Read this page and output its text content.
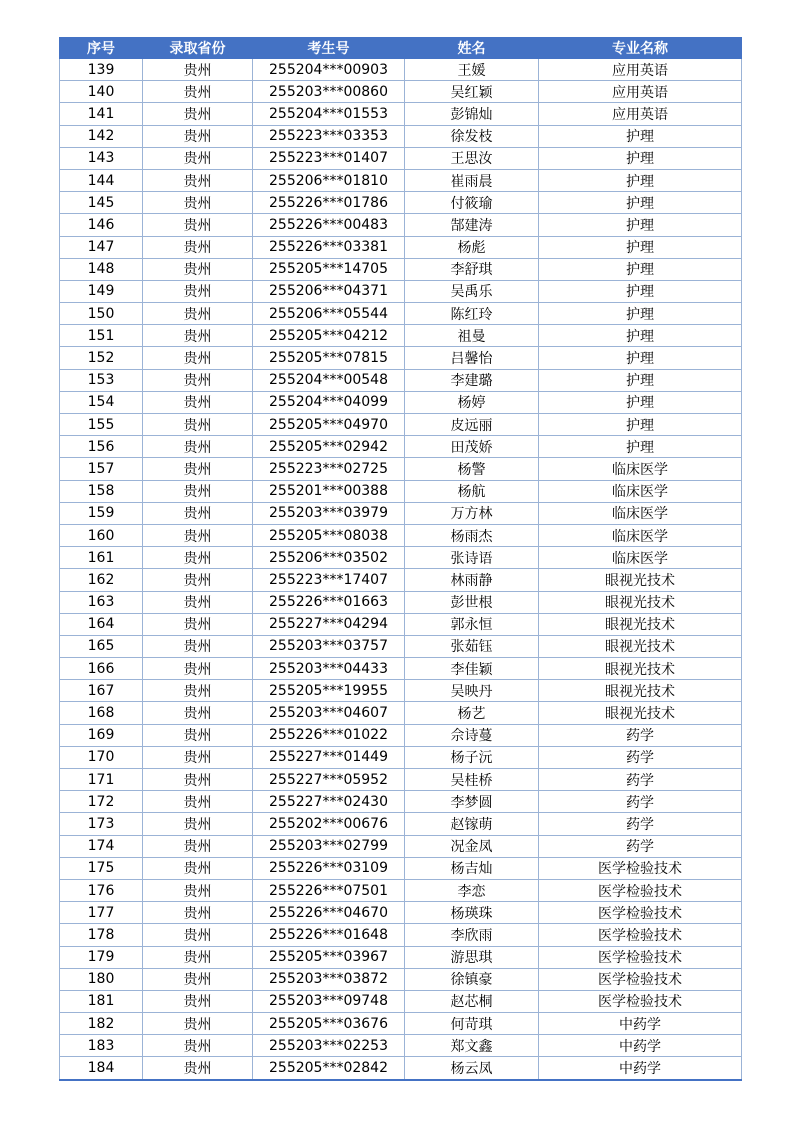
序号	录取省份	考生号	姓名	专业名称
139	贵州	255204***00903	王媛	应用英语
140	贵州	255203***00860	吴红颖	应用英语
141	贵州	255204***01553	彭锦灿	应用英语
142	贵州	255223***03353	徐发枝	护理
143	贵州	255223***01407	王思汝	护理
144	贵州	255206***01810	崔雨晨	护理
145	贵州	255226***01786	付筱瑜	护理
146	贵州	255226***00483	郜建涛	护理
147	贵州	255226***03381	杨彪	护理
148	贵州	255205***14705	李舒琪	护理
149	贵州	255206***04371	吴禹乐	护理
150	贵州	255206***05544	陈红玲	护理
151	贵州	255205***04212	祖曼	护理
152	贵州	255205***07815	吕馨怡	护理
153	贵州	255204***00548	李建璐	护理
154	贵州	255204***04099	杨婷	护理
155	贵州	255205***04970	皮远丽	护理
156	贵州	255205***02942	田茂娇	护理
157	贵州	255223***02725	杨警	临床医学
158	贵州	255201***00388	杨航	临床医学
159	贵州	255203***03979	万方林	临床医学
160	贵州	255205***08038	杨雨杰	临床医学
161	贵州	255206***03502	张诗语	临床医学
162	贵州	255223***17407	林雨静	眼视光技术
163	贵州	255226***01663	彭世根	眼视光技术
164	贵州	255227***04294	郭永恒	眼视光技术
165	贵州	255203***03757	张茹钰	眼视光技术
166	贵州	255203***04433	李佳颖	眼视光技术
167	贵州	255205***19955	吴映丹	眼视光技术
168	贵州	255203***04607	杨艺	眼视光技术
169	贵州	255226***01022	佘诗蔓	药学
170	贵州	255227***01449	杨子沅	药学
171	贵州	255227***05952	吴桂桥	药学
172	贵州	255227***02430	李梦圆	药学
173	贵州	255202***00676	赵镓萌	药学
174	贵州	255203***02799	况金凤	药学
175	贵州	255226***03109	杨吉灿	医学检验技术
176	贵州	255226***07501	李恋	医学检验技术
177	贵州	255226***04670	杨瑛珠	医学检验技术
178	贵州	255226***01648	李欣雨	医学检验技术
179	贵州	255205***03967	游思琪	医学检验技术
180	贵州	255203***03872	徐镇豪	医学检验技术
181	贵州	255203***09748	赵芯桐	医学检验技术
182	贵州	255205***03676	何苛琪	中药学
183	贵州	255203***02253	郑文鑫	中药学
184	贵州	255205***02842	杨云凤	中药学
